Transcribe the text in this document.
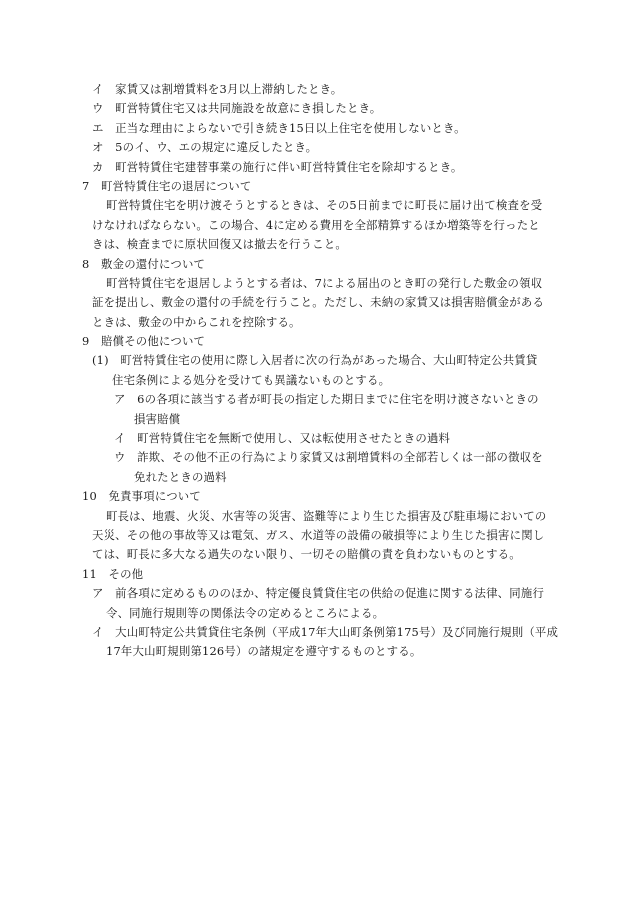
イ　家賃又は割増賃料を3月以上滞納したとき。
ウ　町営特賃住宅又は共同施設を故意にき損したとき。
エ　正当な理由によらないで引き続き15日以上住宅を使用しないとき。
オ　5のイ、ウ、エの規定に違反したとき。
カ　町営特賃住宅建替事業の施行に伴い町営特賃住宅を除却するとき。
7　町営特賃住宅の退居について
町営特賃住宅を明け渡そうとするときは、その5日前までに町長に届け出て検査を受
けなければならない。この場合、4に定める費用を全部精算するほか増築等を行ったと
きは、検査までに原状回復又は撤去を行うこと。
8　敷金の還付について
町営特賃住宅を退居しようとする者は、7による届出のとき町の発行した敷金の領収
証を提出し、敷金の還付の手続を行うこと。ただし、未納の家賃又は損害賠償金がある
ときは、敷金の中からこれを控除する。
9　賠償その他について
(1)　町営特賃住宅の使用に際し入居者に次の行為があった場合、大山町特定公共賃貸
住宅条例による処分を受けても異議ないものとする。
ア　6の各項に該当する者が町長の指定した期日までに住宅を明け渡さないときの
損害賠償
イ　町営特賃住宅を無断で使用し、又は転使用させたときの過料
ウ　詐欺、その他不正の行為により家賃又は割増賃料の全部若しくは一部の徴収を
免れたときの過料
10　免責事項について
町長は、地震、火災、水害等の災害、盗難等により生じた損害及び駐車場においての
天災、その他の事故等又は電気、ガス、水道等の設備の破損等により生じた損害に関し
ては、町長に多大なる過失のない限り、一切その賠償の責を負わないものとする。
11　その他
ア　前各項に定めるもののほか、特定優良賃貸住宅の供給の促進に関する法律、同施行
令、同施行規則等の関係法令の定めるところによる。
イ　大山町特定公共賃貸住宅条例（平成17年大山町条例第175号）及び同施行規則（平成
17年大山町規則第126号）の諸規定を遵守するものとする。
